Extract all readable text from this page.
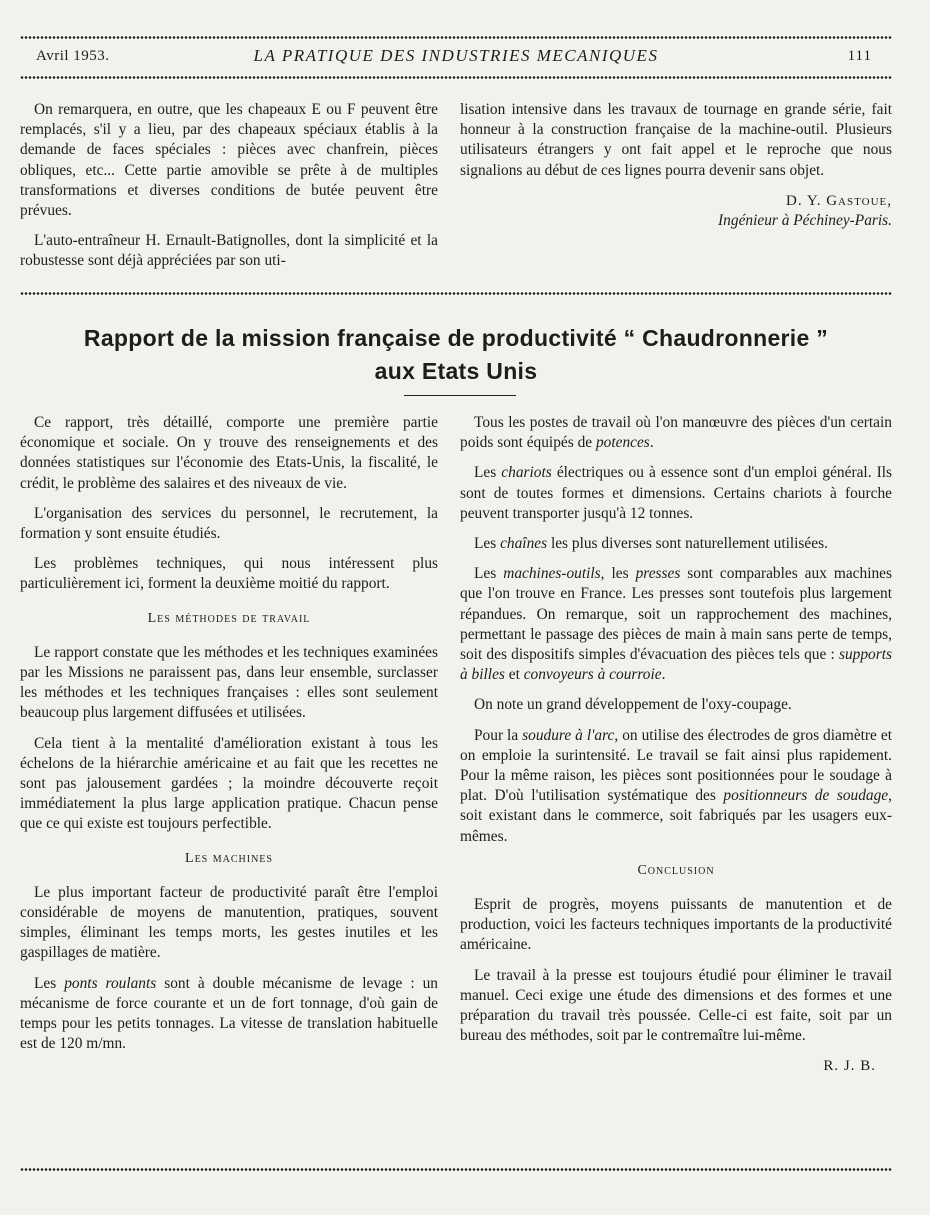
Avril 1953.	LA PRATIQUE DES INDUSTRIES MECANIQUES	111

On remarquera, en outre, que les chapeaux E ou F peuvent être remplacés, s'il y a lieu, par des chapeaux spéciaux établis à la demande de faces spéciales : pièces avec chanfrein, pièces obliques, etc... Cette partie amovible se prête à de multiples transformations et diverses conditions de butée peuvent être prévues.

L'auto-entraîneur H. Ernault-Batignolles, dont la simplicité et la robustesse sont déjà appréciées par son uti-

lisation intensive dans les travaux de tournage en grande série, fait honneur à la construction française de la machine-outil. Plusieurs utilisateurs étrangers y ont fait appel et le reproche que nous signalions au début de ces lignes pourra devenir sans objet.

D. Y. Gastoue,
Ingénieur à Péchiney-Paris.
Rapport de la mission française de productivité “ Chaudronnerie ”
aux Etats Unis

Ce rapport, très détaillé, comporte une première partie économique et sociale. On y trouve des renseignements et des données statistiques sur l'économie des Etats-Unis, la fiscalité, le crédit, le problème des salaires et des niveaux de vie.

L'organisation des services du personnel, le recrutement, la formation y sont ensuite étudiés.

Les problèmes techniques, qui nous intéressent plus particulièrement ici, forment la deuxième moitié du rapport.

Les méthodes de travail

Le rapport constate que les méthodes et les techniques examinées par les Missions ne paraissent pas, dans leur ensemble, surclasser les méthodes et les techniques françaises : elles sont seulement beaucoup plus largement diffusées et utilisées.

Cela tient à la mentalité d'amélioration existant à tous les échelons de la hiérarchie américaine et au fait que les recettes ne sont pas jalousement gardées ; la moindre découverte reçoit immédiatement la plus large application pratique. Chacun pense que ce qui existe est toujours perfectible.

Les machines

Le plus important facteur de productivité paraît être l'emploi considérable de moyens de manutention, pratiques, souvent simples, éliminant les temps morts, les gestes inutiles et les gaspillages de matière.

Les ponts roulants sont à double mécanisme de levage : un mécanisme de force courante et un de fort tonnage, d'où gain de temps pour les petits tonnages. La vitesse de translation habituelle est de 120 m/mn.

Tous les postes de travail où l'on manœuvre des pièces d'un certain poids sont équipés de potences.

Les chariots électriques ou à essence sont d'un emploi général. Ils sont de toutes formes et dimensions. Certains chariots à fourche peuvent transporter jusqu'à 12 tonnes.

Les chaînes les plus diverses sont naturellement utilisées.

Les machines-outils, les presses sont comparables aux machines que l'on trouve en France. Les presses sont toutefois plus largement répandues. On remarque, soit un rapprochement des machines, permettant le passage des pièces de main à main sans perte de temps, soit des dispositifs simples d'évacuation des pièces tels que : supports à billes et convoyeurs à courroie.

On note un grand développement de l'oxy-coupage.

Pour la soudure à l'arc, on utilise des électrodes de gros diamètre et on emploie la surintensité. Le travail se fait ainsi plus rapidement. Pour la même raison, les pièces sont positionnées pour le soudage à plat. D'où l'utilisation systématique des positionneurs de soudage, soit existant dans le commerce, soit fabriqués par les usagers eux-mêmes.

Conclusion

Esprit de progrès, moyens puissants de manutention et de production, voici les facteurs techniques importants de la productivité américaine.

Le travail à la presse est toujours étudié pour éliminer le travail manuel. Ceci exige une étude des dimensions et des formes et une préparation du travail très poussée. Celle-ci est faite, soit par un bureau des méthodes, soit par le contremaître lui-même.

R. J. B.
